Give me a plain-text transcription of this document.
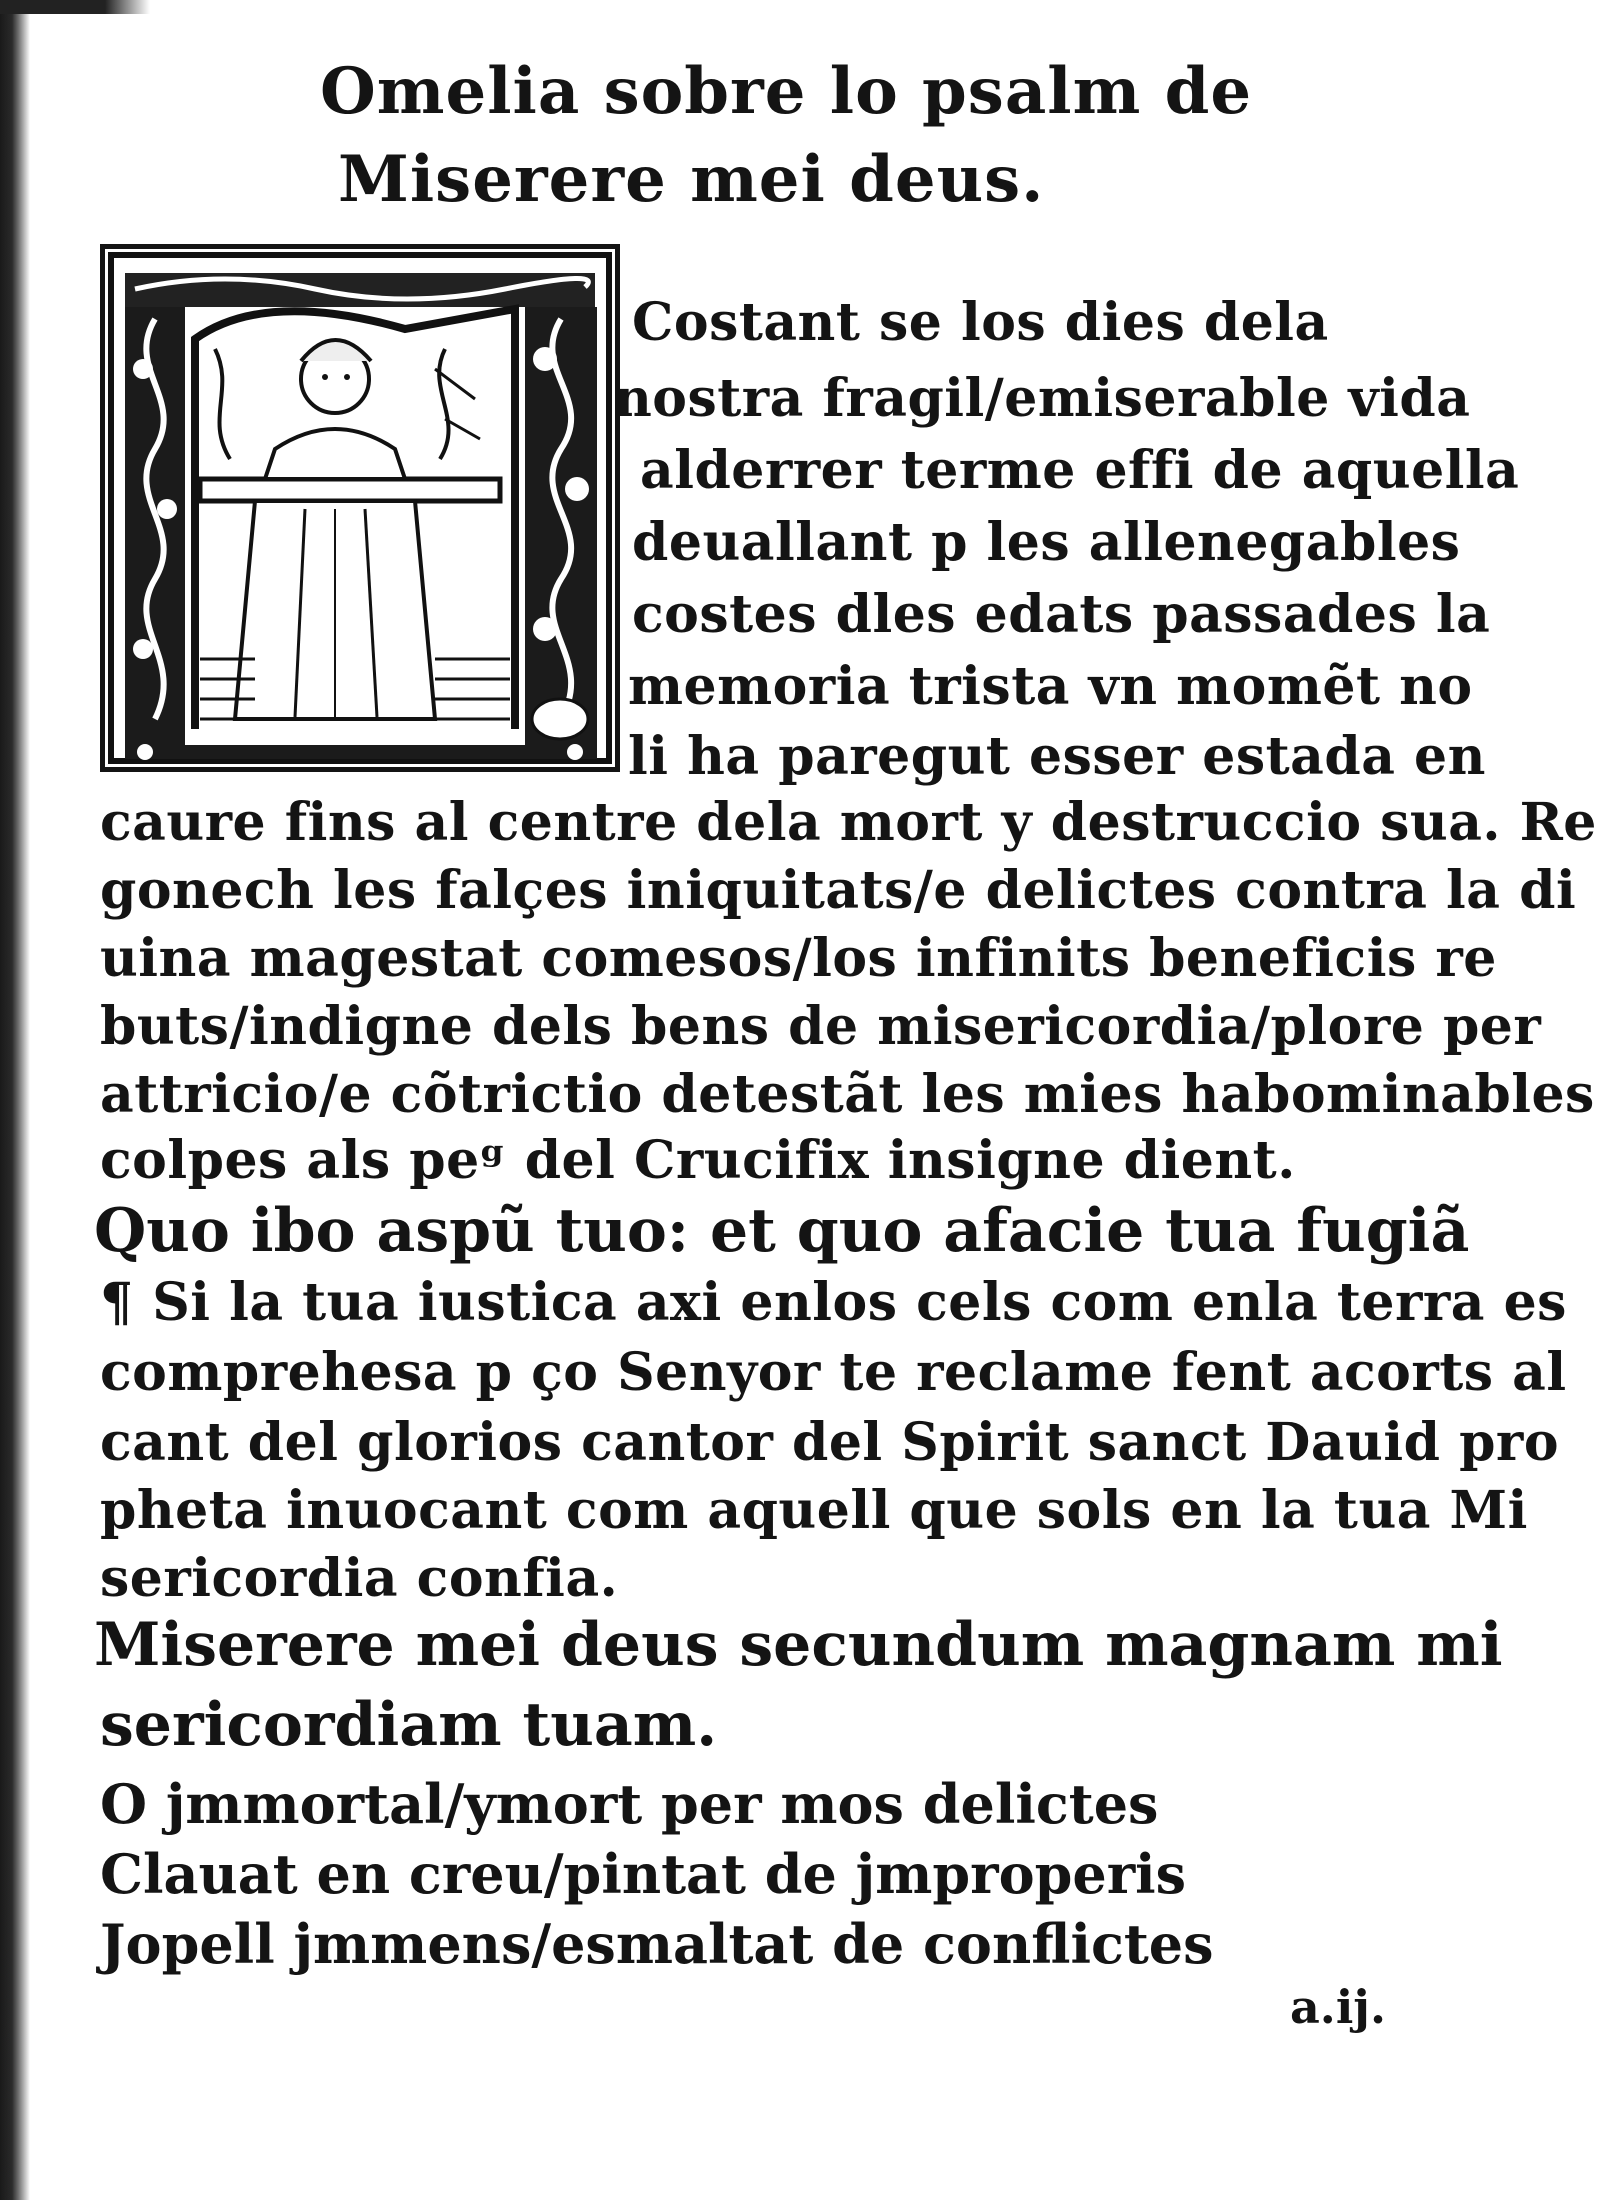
Omelia sobre lo psalm de
Miserere mei deus.
Costant se los dies dela
nostra fragil/emiserable vida
alderrer terme effi de aquella
deuallant p les allenegables
costes dles edats passades la
memoria trista vn momẽt no
li ha paregut esser estada en
caure fins al centre dela mort y destruccio sua. Re
gonech les falçes iniquitats/e delictes contra la di
uina magestat comesos/los infinits beneficis re
buts/indigne dels bens de misericordia/plore per
attricio/e cõtrictio detestãt les mies habominables
colpes als peᵍ del Crucifix insigne dient.
Quo ibo aspũ tuo: et quo afacie tua fugiã
¶ Si la tua iustica axi enlos cels com enla terra es
comprehesa p ço Senyor te reclame fent acorts al
cant del glorios cantor del Spirit sanct Dauid pro
pheta inuocant com aquell que sols en la tua Mi
sericordia confia.
Miserere mei deus secundum magnam mi
sericordiam tuam.
O jmmortal/ymort per mos delictes
Clauat en creu/pintat de jmproperis
Jopell jmmens/esmaltat de conflictes
a.ij.
